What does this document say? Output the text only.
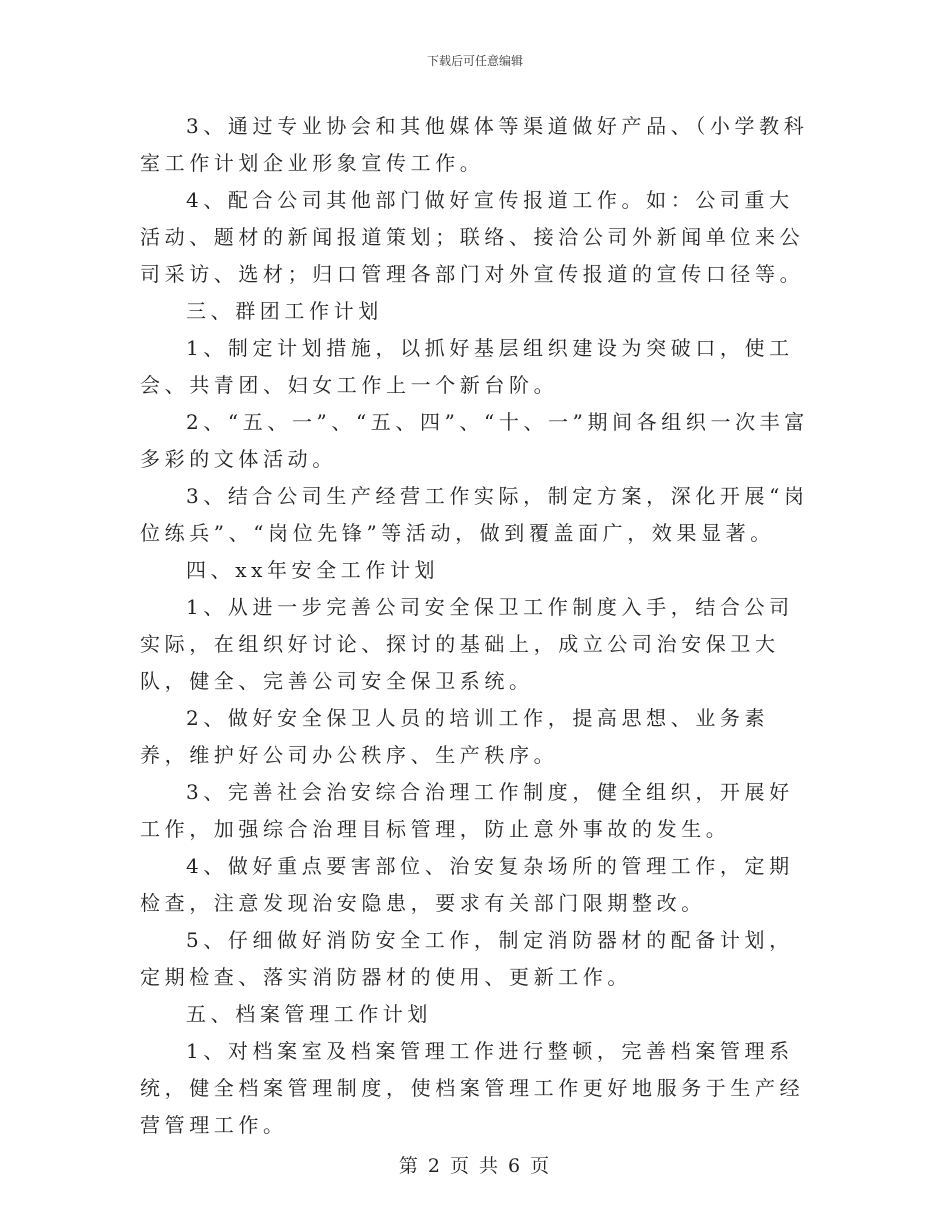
下载后可任意编辑

3、通过专业协会和其他媒体等渠道做好产品、（小学教科室工作计划企业形象宣传工作。

4、配合公司其他部门做好宣传报道工作。如：公司重大活动、题材的新闻报道策划；联络、接洽公司外新闻单位来公司采访、选材；归口管理各部门对外宣传报道的宣传口径等。

三、群团工作计划

1、制定计划措施，以抓好基层组织建设为突破口，使工会、共青团、妇女工作上一个新台阶。

2、“五、一”、“五、四”、“十、一”期间各组织一次丰富多彩的文体活动。

3、结合公司生产经营工作实际，制定方案，深化开展“岗位练兵”、“岗位先锋”等活动，做到覆盖面广，效果显著。

四、xx年安全工作计划

1、从进一步完善公司安全保卫工作制度入手，结合公司实际，在组织好讨论、探讨的基础上，成立公司治安保卫大队，健全、完善公司安全保卫系统。

2、做好安全保卫人员的培训工作，提高思想、业务素养，维护好公司办公秩序、生产秩序。

3、完善社会治安综合治理工作制度，健全组织，开展好工作，加强综合治理目标管理，防止意外事故的发生。

4、做好重点要害部位、治安复杂场所的管理工作，定期检查，注意发现治安隐患，要求有关部门限期整改。

5、仔细做好消防安全工作，制定消防器材的配备计划，定期检查、落实消防器材的使用、更新工作。

五、档案管理工作计划

1、对档案室及档案管理工作进行整顿，完善档案管理系统，健全档案管理制度，使档案管理工作更好地服务于生产经营管理工作。

第 2 页 共 6 页
